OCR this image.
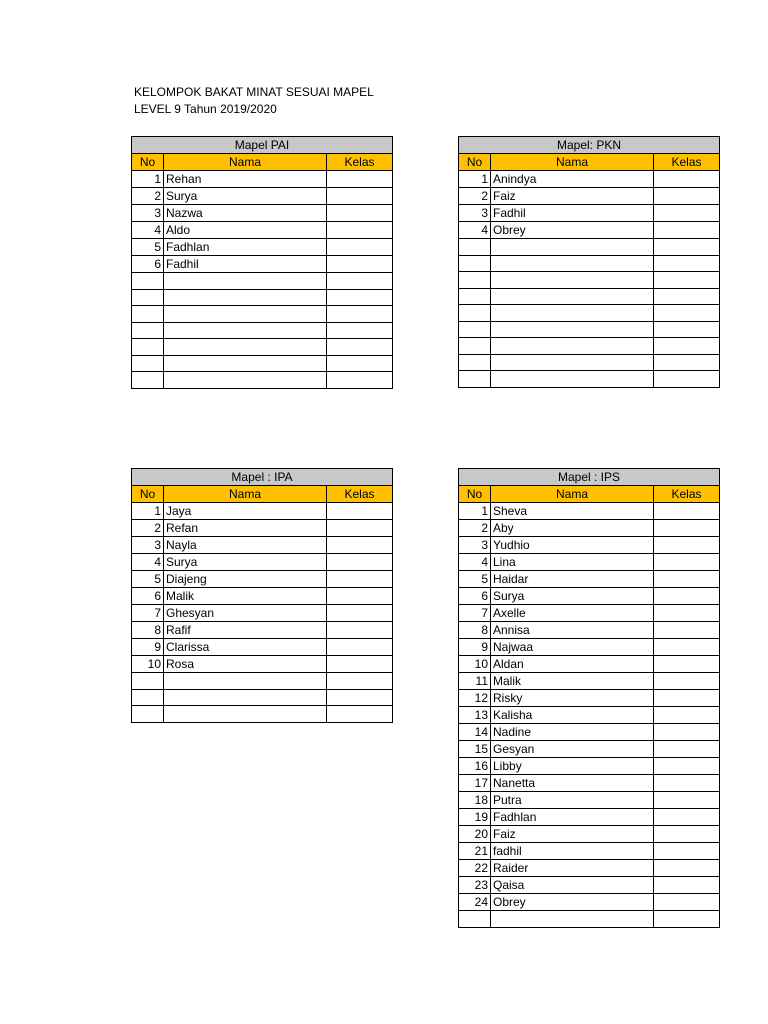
KELOMPOK BAKAT MINAT SESUAI MAPEL
LEVEL 9 Tahun 2019/2020
Mapel PAI		
No	Nama	Kelas
1	Rehan	
2	Surya	
3	Nazwa	
4	Aldo	
5	Fadhlan	
6	Fadhil	

Mapel: PKN		
No	Nama	Kelas
1	Anindya	
2	Faiz	
3	Fadhil	
4	Obrey	

Mapel : IPA		
No	Nama	Kelas
1	Jaya	
2	Refan	
3	Nayla	
4	Surya	
5	Diajeng	
6	Malik	
7	Ghesyan	
8	Rafif	
9	Clarissa	
10	Rosa	

Mapel : IPS		
No	Nama	Kelas
1	Sheva	
2	Aby	
3	Yudhio	
4	Lina	
5	Haidar	
6	Surya	
7	Axelle	
8	Annisa	
9	Najwaa	
10	Aldan	
11	Malik	
12	Risky	
13	Kalisha	
14	Nadine	
15	Gesyan	
16	Libby	
17	Nanetta	
18	Putra	
19	Fadhlan	
20	Faiz	
21	fadhil	
22	Raider	
23	Qaisa	
24	Obrey	
